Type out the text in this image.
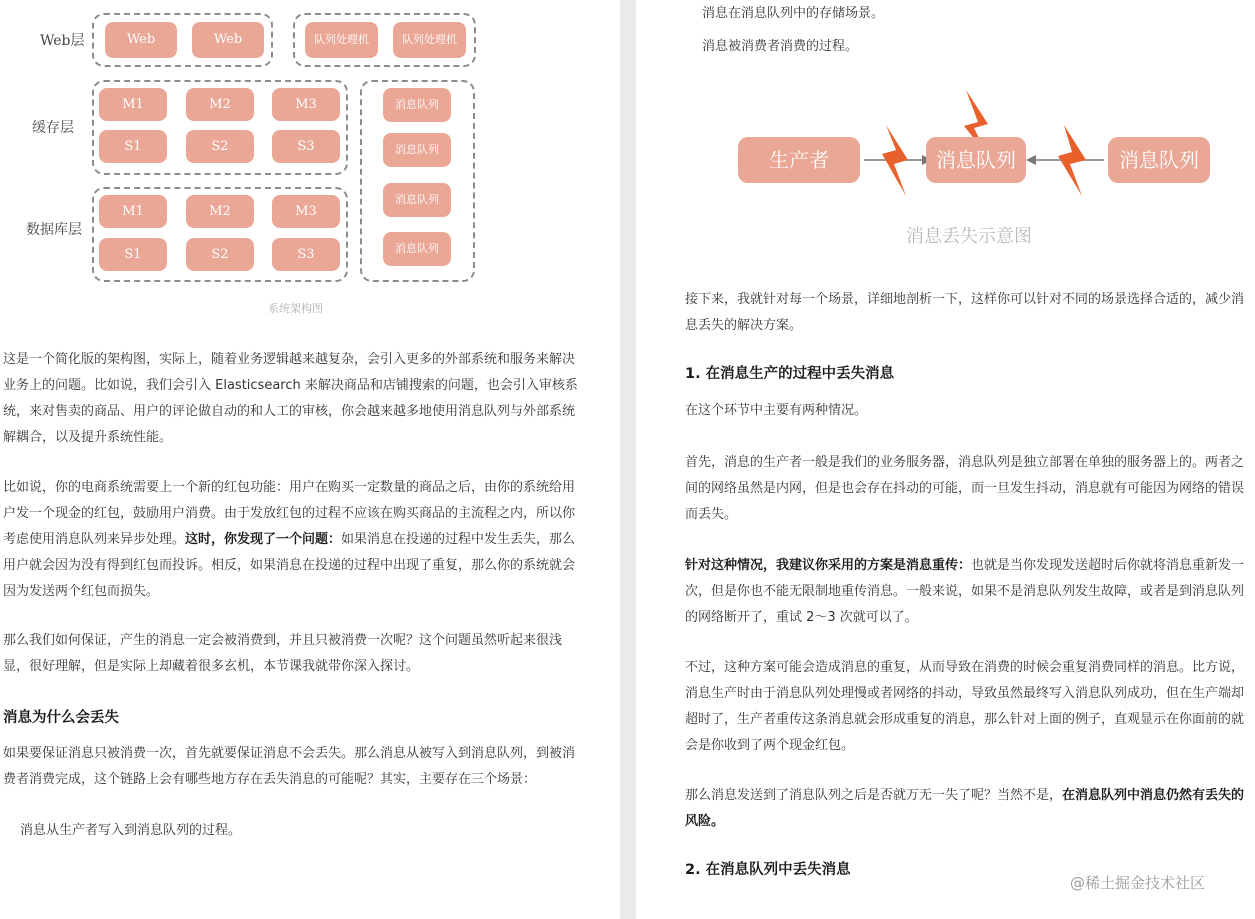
Web层
缓存层
数据库层
Web	Web	队列处理机	队列处理机
M1	M2	M3
S1	S2	S3
M1	M2	M3
S1	S2	S3
消息队列
消息队列
消息队列
消息队列
系统架构图

这是一个简化版的架构图，实际上，随着业务逻辑越来越复杂，会引入更多的外部系统和服务来解决业务上的问题。比如说，我们会引入 Elasticsearch 来解决商品和店铺搜索的问题，也会引入审核系统，来对售卖的商品、用户的评论做自动的和人工的审核，你会越来越多地使用消息队列与外部系统解耦合，以及提升系统性能。

比如说，你的电商系统需要上一个新的红包功能：用户在购买一定数量的商品之后，由你的系统给用户发一个现金的红包，鼓励用户消费。由于发放红包的过程不应该在购买商品的主流程之内，所以你考虑使用消息队列来异步处理。这时，你发现了一个问题：如果消息在投递的过程中发生丢失，那么用户就会因为没有得到红包而投诉。相反，如果消息在投递的过程中出现了重复，那么你的系统就会因为发送两个红包而损失。

那么我们如何保证，产生的消息一定会被消费到，并且只被消费一次呢？这个问题虽然听起来很浅显，很好理解，但是实际上却藏着很多玄机，本节课我就带你深入探讨。

消息为什么会丢失

如果要保证消息只被消费一次，首先就要保证消息不会丢失。那么消息从被写入到消息队列，到被消费者消费完成，这个链路上会有哪些地方存在丢失消息的可能呢？其实，主要存在三个场景：

消息从生产者写入到消息队列的过程。

消息在消息队列中的存储场景。

消息被消费者消费的过程。

生产者	消息队列	消息队列
消息丢失示意图

接下来，我就针对每一个场景，详细地剖析一下，这样你可以针对不同的场景选择合适的，减少消息丢失的解决方案。

1. 在消息生产的过程中丢失消息

在这个环节中主要有两种情况。

首先，消息的生产者一般是我们的业务服务器，消息队列是独立部署在单独的服务器上的。两者之间的网络虽然是内网，但是也会存在抖动的可能，而一旦发生抖动，消息就有可能因为网络的错误而丢失。

针对这种情况，我建议你采用的方案是消息重传：也就是当你发现发送超时后你就将消息重新发一次，但是你也不能无限制地重传消息。一般来说，如果不是消息队列发生故障，或者是到消息队列的网络断开了，重试 2～3 次就可以了。

不过，这种方案可能会造成消息的重复，从而导致在消费的时候会重复消费同样的消息。比方说，消息生产时由于消息队列处理慢或者网络的抖动，导致虽然最终写入消息队列成功，但在生产端却超时了，生产者重传这条消息就会形成重复的消息，那么针对上面的例子，直观显示在你面前的就会是你收到了两个现金红包。

那么消息发送到了消息队列之后是否就万无一失了呢？当然不是，在消息队列中消息仍然有丢失的风险。

2. 在消息队列中丢失消息
@稀土掘金技术社区
